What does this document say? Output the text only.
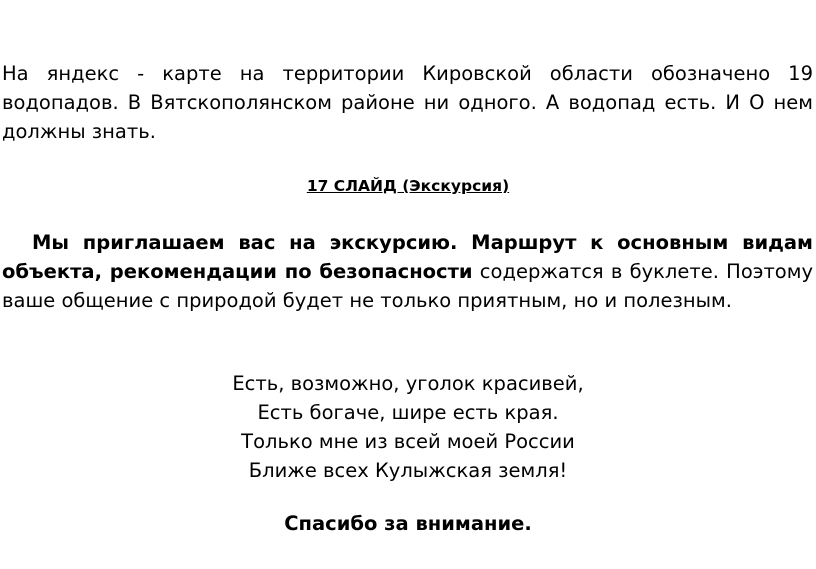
На яндекс - карте на территории Кировской области обозначено 19 водопадов. В Вятскополянском районе ни одного. А водопад есть. И О нем должны знать.
17 СЛАЙД (Экскурсия)
Мы приглашаем вас на экскурсию. Маршрут к основным видам объекта, рекомендации по безопасности содержатся в буклете. Поэтому ваше общение с природой будет не только приятным, но и полезным.
Есть, возможно, уголок красивей,
Есть богаче, шире есть края.
Только мне из всей моей России
Ближе всех Кулыжская земля!
Спасибо за внимание.
